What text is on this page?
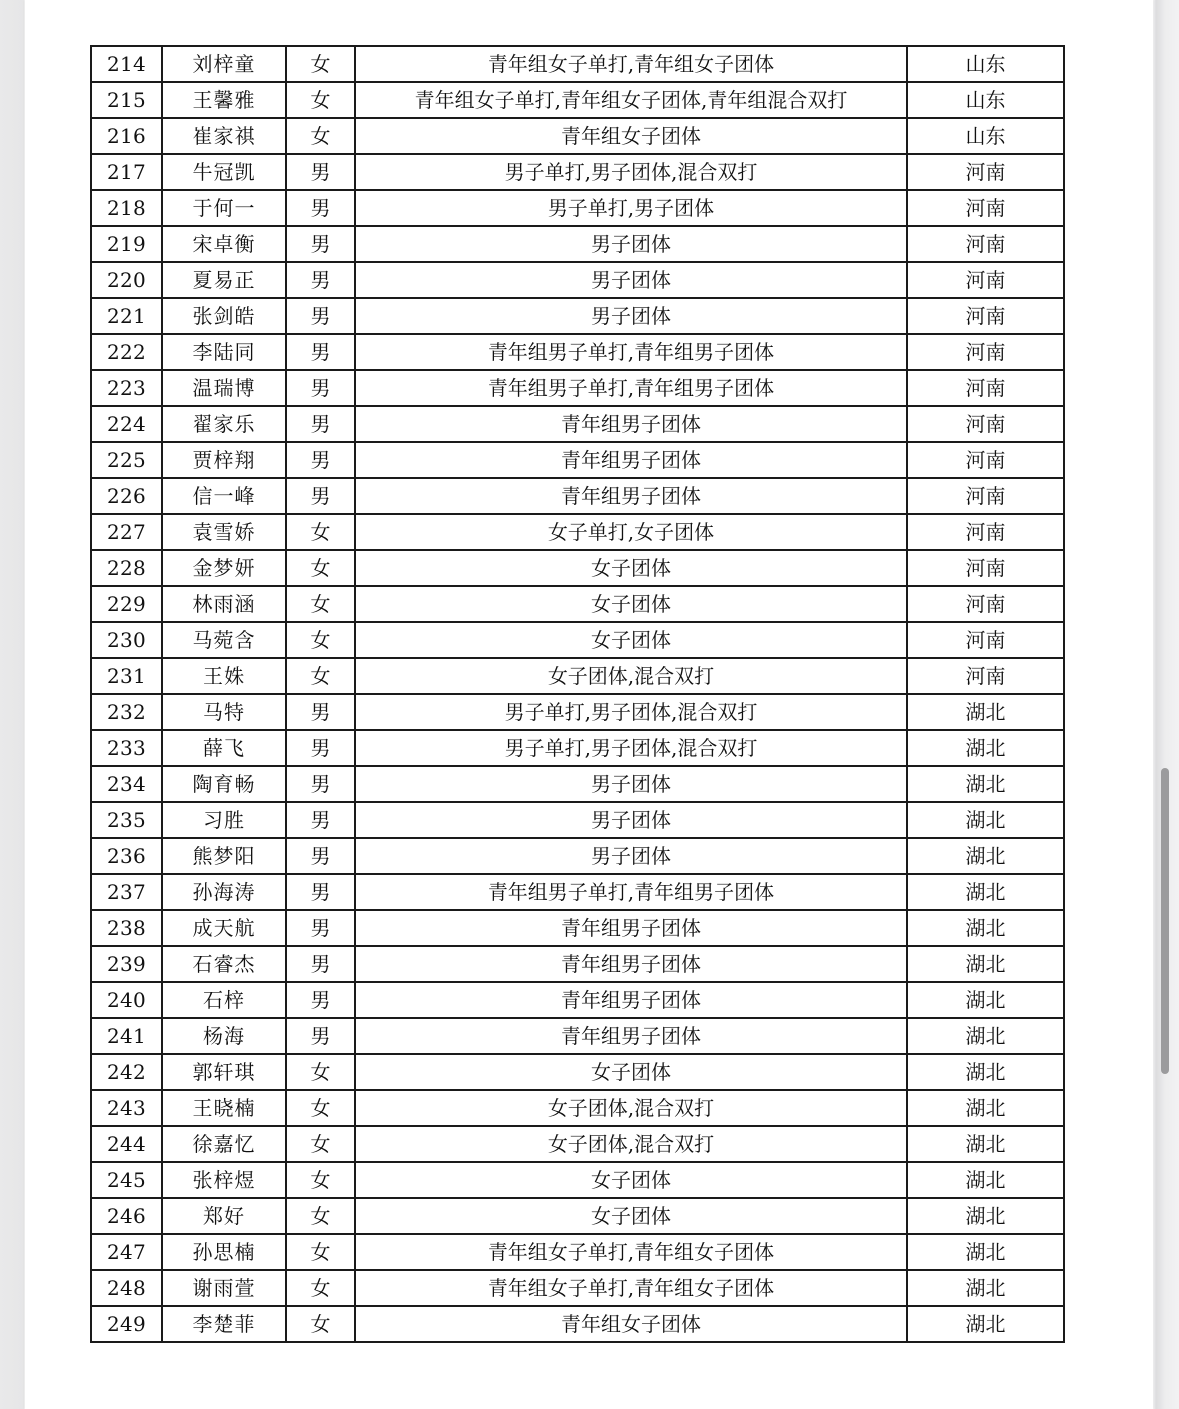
214	刘梓童	女	青年组女子单打,青年组女子团体	山东
215	王馨雅	女	青年组女子单打,青年组女子团体,青年组混合双打	山东
216	崔家祺	女	青年组女子团体	山东
217	牛冠凯	男	男子单打,男子团体,混合双打	河南
218	于何一	男	男子单打,男子团体	河南
219	宋卓衡	男	男子团体	河南
220	夏易正	男	男子团体	河南
221	张剑皓	男	男子团体	河南
222	李陆同	男	青年组男子单打,青年组男子团体	河南
223	温瑞博	男	青年组男子单打,青年组男子团体	河南
224	翟家乐	男	青年组男子团体	河南
225	贾梓翔	男	青年组男子团体	河南
226	信一峰	男	青年组男子团体	河南
227	袁雪娇	女	女子单打,女子团体	河南
228	金梦妍	女	女子团体	河南
229	林雨涵	女	女子团体	河南
230	马菀含	女	女子团体	河南
231	王姝	女	女子团体,混合双打	河南
232	马特	男	男子单打,男子团体,混合双打	湖北
233	薛飞	男	男子单打,男子团体,混合双打	湖北
234	陶育畅	男	男子团体	湖北
235	习胜	男	男子团体	湖北
236	熊梦阳	男	男子团体	湖北
237	孙海涛	男	青年组男子单打,青年组男子团体	湖北
238	成天航	男	青年组男子团体	湖北
239	石睿杰	男	青年组男子团体	湖北
240	石梓	男	青年组男子团体	湖北
241	杨海	男	青年组男子团体	湖北
242	郭轩琪	女	女子团体	湖北
243	王晓楠	女	女子团体,混合双打	湖北
244	徐嘉忆	女	女子团体,混合双打	湖北
245	张梓煜	女	女子团体	湖北
246	郑好	女	女子团体	湖北
247	孙思楠	女	青年组女子单打,青年组女子团体	湖北
248	谢雨萱	女	青年组女子单打,青年组女子团体	湖北
249	李楚菲	女	青年组女子团体	湖北
